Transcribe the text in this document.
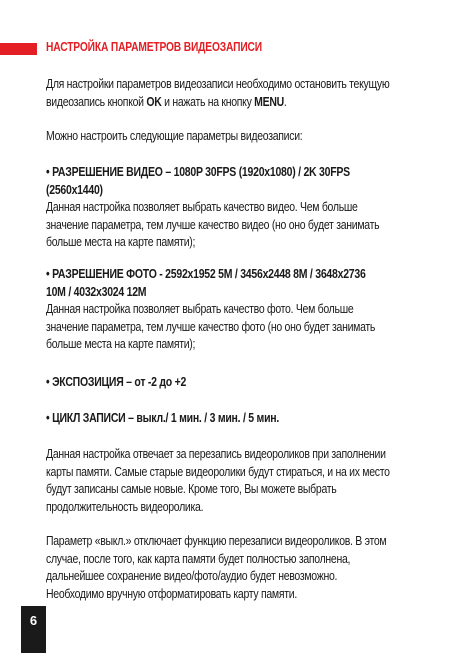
НАСТРОЙКА ПАРАМЕТРОВ ВИДЕОЗАПИСИ
Для настройки параметров видеозаписи необходимо остановить текущую
видеозапись кнопкой OK и нажать на кнопку MENU.
Можно настроить следующие параметры видеозаписи:
• РАЗРЕШЕНИЕ ВИДЕО – 1080P 30FPS (1920x1080) / 2K 30FPS
(2560x1440)
Данная настройка позволяет выбрать качество видео. Чем больше
значение параметра, тем лучше качество видео (но оно будет занимать
больше места на карте памяти);
• РАЗРЕШЕНИЕ ФОТО - 2592x1952 5M / 3456x2448 8M / 3648x2736
10M / 4032x3024 12M
Данная настройка позволяет выбрать качество фото. Чем больше
значение параметра, тем лучше качество фото (но оно будет занимать
больше места на карте памяти);
• ЭКСПОЗИЦИЯ – от -2 до +2
• ЦИКЛ ЗАПИСИ – выкл./ 1 мин. / 3 мин. / 5 мин.
Данная настройка отвечает за перезапись видеороликов при заполнении
карты памяти. Самые старые видеоролики будут стираться, и на их место
будут записаны самые новые. Кроме того, Вы можете выбрать
продолжительность видеоролика.
Параметр «выкл.» отключает функцию перезаписи видеороликов. В этом
случае, после того, как карта памяти будет полностью заполнена,
дальнейшее сохранение видео/фото/аудио будет невозможно.
Необходимо вручную отформатировать карту памяти.
6
